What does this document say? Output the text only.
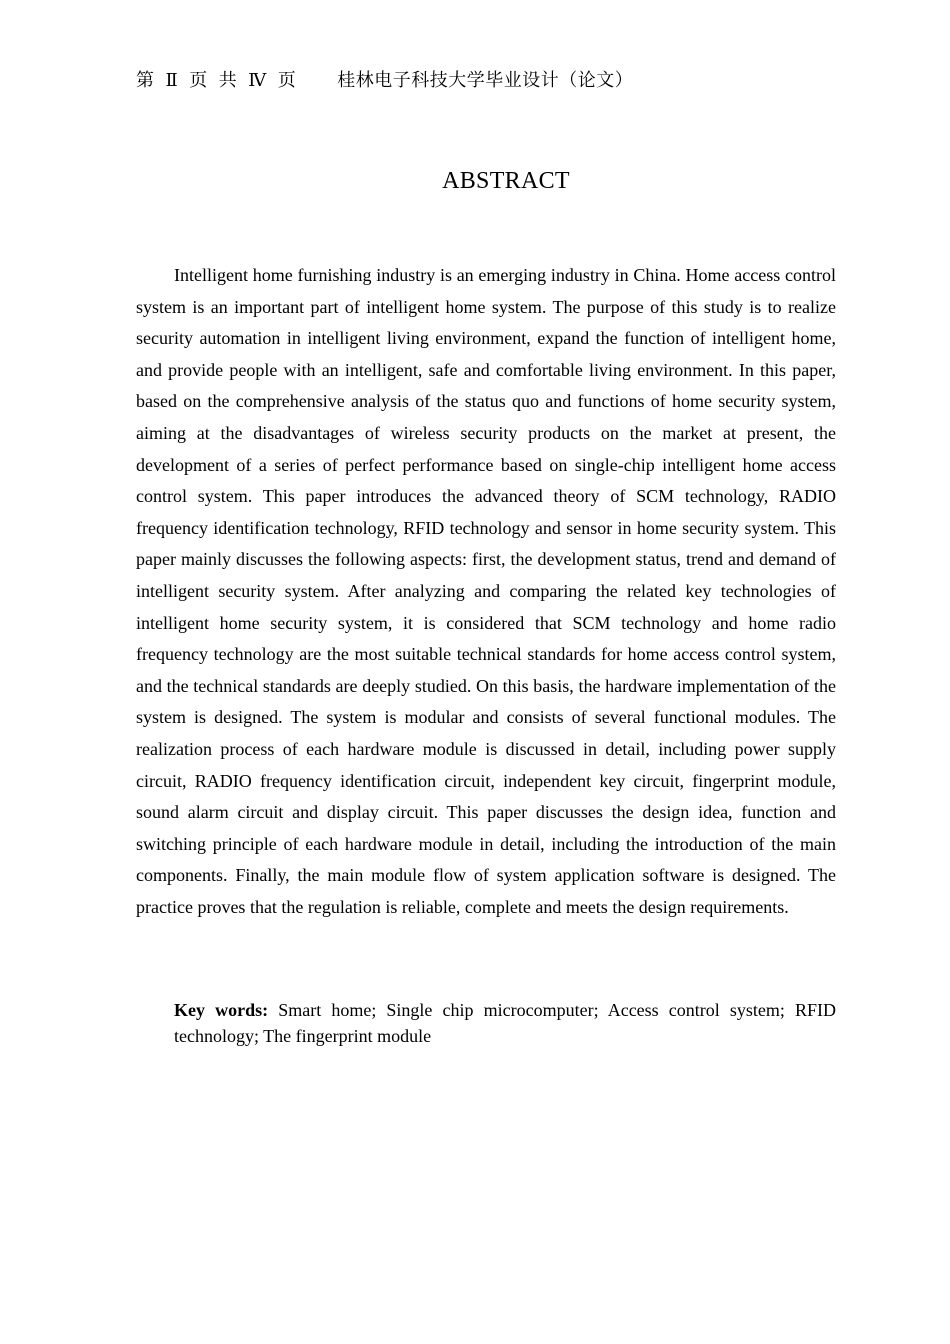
第 Ⅱ 页 共 Ⅳ 页 桂林电子科技大学毕业设计（论文）
ABSTRACT

Intelligent home furnishing industry is an emerging industry in China. Home access control system is an important part of intelligent home system. The purpose of this study is to realize security automation in intelligent living environment, expand the function of intelligent home, and provide people with an intelligent, safe and comfortable living environment. In this paper, based on the comprehensive analysis of the status quo and functions of home security system, aiming at the disadvantages of wireless security products on the market at present, the development of a series of perfect performance based on single-chip intelligent home access control system. This paper introduces the advanced theory of SCM technology, RADIO frequency identification technology, RFID technology and sensor in home security system. This paper mainly discusses the following aspects: first, the development status, trend and demand of intelligent security system. After analyzing and comparing the related key technologies of intelligent home security system, it is considered that SCM technology and home radio frequency technology are the most suitable technical standards for home access control system, and the technical standards are deeply studied. On this basis, the hardware implementation of the system is designed. The system is modular and consists of several functional modules. The realization process of each hardware module is discussed in detail, including power supply circuit, RADIO frequency identification circuit, independent key circuit, fingerprint module, sound alarm circuit and display circuit. This paper discusses the design idea, function and switching principle of each hardware module in detail, including the introduction of the main components. Finally, the main module flow of system application software is designed. The practice proves that the regulation is reliable, complete and meets the design requirements.

Key words: Smart home; Single chip microcomputer; Access control system; RFID technology; The fingerprint module
